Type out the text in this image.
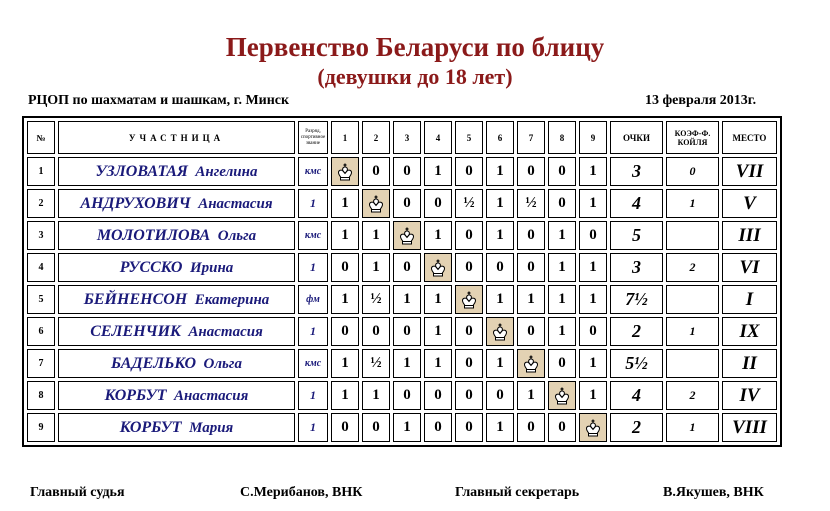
Первенство Беларуси по блицу
(девушки до 18 лет)
РЦОП по шахматам и шашкам, г. Минск	13 февраля 2013г.
№	УЧАСТНИЦА	Разряд, спортивное звание	1	2	3	4	5	6	7	8	9	ОЧКИ	КОЭФ-Ф. КОЙЛЯ	МЕСТО
1	УЗЛОВАТАЯ Ангелина	кмс		0	0	1	0	1	0	0	1	3	0	VII
2	АНДРУХОВИЧ Анастасия	1	1		0	0	½	1	½	0	1	4	1	V
3	МОЛОТИЛОВА Ольга	кмс	1	1		1	0	1	0	1	0	5		III
4	РУССКО Ирина	1	0	1	0		0	0	0	1	1	3	2	VI
5	БЕЙНЕНСОН Екатерина	фм	1	½	1	1		1	1	1	1	7½		I
6	СЕЛЕНЧИК Анастасия	1	0	0	0	1	0		0	1	0	2	1	IX
7	БАДЕЛЬКО Ольга	кмс	1	½	1	1	0	1		0	1	5½		II
8	КОРБУТ Анастасия	1	1	1	0	0	0	0	1		1	4	2	IV
9	КОРБУТ Мария	1	0	0	1	0	0	1	0	0		2	1	VIII
Главный судья	С.Мерибанов, ВНК	Главный секретарь	В.Якушев, ВНК
